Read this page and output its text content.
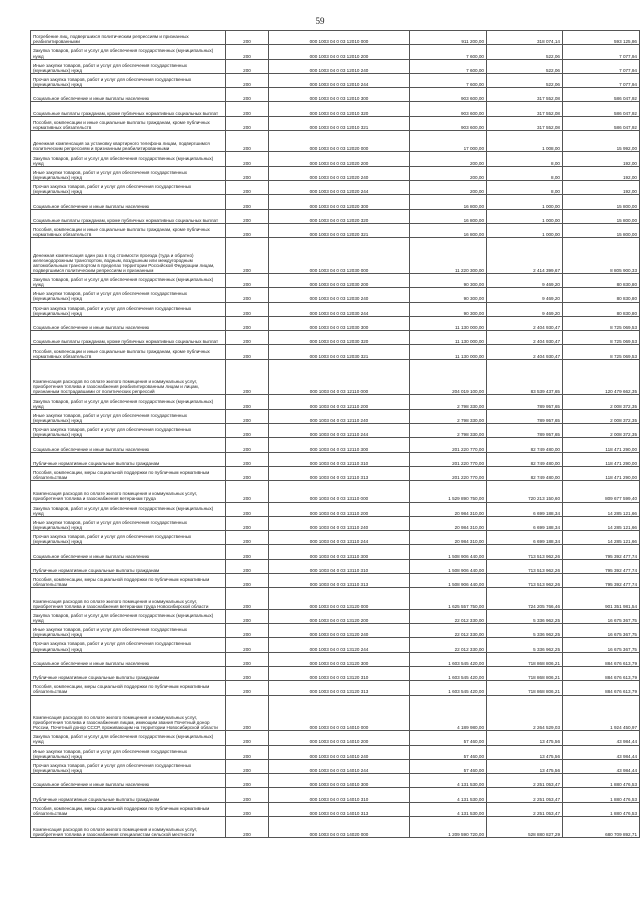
59
Погребение лиц, подвергшихся политическим репрессиям и признанных реабилитированными	200	000 1003 04 0 03 12010 000	911 200,00	318 074,14	593 125,86
Закупка товаров, работ и услуг для обеспечения государственных (муниципальных) нужд	200	000 1003 04 0 03 12010 200	7 600,00	522,06	7 077,94
Иные закупки товаров, работ и услуг для обеспечения государственных (муниципальных) нужд	200	000 1003 04 0 03 12010 240	7 600,00	522,06	7 077,94
Прочая закупка товаров, работ и услуг для обеспечения государственных (муниципальных) нужд	200	000 1003 04 0 03 12010 244	7 600,00	522,06	7 077,94
Социальное обеспечение и иные выплаты населению	200	000 1003 04 0 03 12010 300	903 600,00	317 552,08	586 047,92
Социальные выплаты гражданам, кроме публичных нормативных социальных выплат	200	000 1003 04 0 03 12010 320	903 600,00	317 552,08	586 047,92
Пособия, компенсации и иные социальные выплаты гражданам, кроме публичных нормативных обязательств	200	000 1003 04 0 03 12010 321	903 600,00	317 552,08	586 047,92
Денежная компенсация за установку квартирного телефона лицам, подвергшимся политическим репрессиям и признанным реабилитированными	200	000 1003 04 0 03 12020 000	17 000,00	1 008,00	15 992,00
Закупка товаров, работ и услуг для обеспечения государственных (муниципальных) нужд	200	000 1003 04 0 03 12020 200	200,00	8,00	192,00
Иные закупки товаров, работ и услуг для обеспечения государственных (муниципальных) нужд	200	000 1003 04 0 03 12020 240	200,00	8,00	192,00
Прочая закупка товаров, работ и услуг для обеспечения государственных (муниципальных) нужд	200	000 1003 04 0 03 12020 244	200,00	8,00	192,00
Социальное обеспечение и иные выплаты населению	200	000 1003 04 0 03 12020 300	16 800,00	1 000,00	15 800,00
Социальные выплаты гражданам, кроме публичных нормативных социальных выплат	200	000 1003 04 0 03 12020 320	16 800,00	1 000,00	15 800,00
Пособия, компенсации и иные социальные выплаты гражданам, кроме публичных нормативных обязательств	200	000 1003 04 0 03 12020 321	16 800,00	1 000,00	15 800,00
Денежная компенсация один раз в год стоимости проезда (туда и обратно) железнодорожным транспортом, водным, воздушным или междугородным автомобильным транспортом в пределах территории Российской Федерации лицам, подвергшимся политическим репрессиям и признанным	200	000 1003 04 0 03 12030 000	11 220 300,00	2 414 399,67	8 805 900,33
Закупка товаров, работ и услуг для обеспечения государственных (муниципальных) нужд	200	000 1003 04 0 03 12030 200	90 300,00	9 469,20	80 830,80
Иные закупки товаров, работ и услуг для обеспечения государственных (муниципальных) нужд	200	000 1003 04 0 03 12030 240	90 300,00	9 469,20	80 830,80
Прочая закупка товаров, работ и услуг для обеспечения государственных (муниципальных) нужд	200	000 1003 04 0 03 12030 244	90 300,00	9 469,20	80 830,80
Социальное обеспечение и иные выплаты населению	200	000 1003 04 0 03 12030 300	11 130 000,00	2 404 930,47	8 725 069,53
Социальные выплаты гражданам, кроме публичных нормативных социальных выплат	200	000 1003 04 0 03 12030 320	11 130 000,00	2 404 930,47	8 725 069,53
Пособия, компенсации и иные социальные выплаты гражданам, кроме публичных нормативных обязательств	200	000 1003 04 0 03 12030 321	11 130 000,00	2 404 930,47	8 725 069,53
Компенсация расходов по оплате жилого помещения и коммунальных услуг, приобретения топлива и газоснабжения реабилитированным лицам и лицам, признанным пострадавшими от политических репрессий	200	000 1003 04 0 03 12110 000	204 019 100,00	83 539 437,65	120 479 662,35
Закупка товаров, работ и услуг для обеспечения государственных (муниципальных) нужд	200	000 1003 04 0 03 12110 200	2 798 330,00	789 957,65	2 008 372,35
Иные закупки товаров, работ и услуг для обеспечения государственных (муниципальных) нужд	200	000 1003 04 0 03 12110 240	2 798 330,00	789 957,65	2 008 372,35
Прочая закупка товаров, работ и услуг для обеспечения государственных (муниципальных) нужд	200	000 1003 04 0 03 12110 244	2 798 330,00	789 957,65	2 008 372,35
Социальное обеспечение и иные выплаты населению	200	000 1003 04 0 03 12110 300	201 220 770,00	82 749 480,00	118 471 290,00
Публичные нормативные социальные выплаты гражданам	200	000 1003 04 0 03 12110 310	201 220 770,00	82 749 480,00	118 471 290,00
Пособия, компенсации, меры социальной поддержки по публичным нормативным обязательствам	200	000 1003 04 0 03 12110 313	201 220 770,00	82 749 480,00	118 471 290,00
Компенсация расходов по оплате жилого помещения и коммунальных услуг, приобретения топлива и газоснабжения ветеранам труда	200	000 1003 04 0 03 13110 000	1 529 890 750,00	720 213 150,60	809 677 599,40
Закупка товаров, работ и услуг для обеспечения государственных (муниципальных) нужд	200	000 1003 04 0 03 13110 200	20 984 310,00	6 699 188,34	14 285 121,66
Иные закупки товаров, работ и услуг для обеспечения государственных (муниципальных) нужд	200	000 1003 04 0 03 13110 240	20 984 310,00	6 699 188,34	14 285 121,66
Прочая закупка товаров, работ и услуг для обеспечения государственных (муниципальных) нужд	200	000 1003 04 0 03 13110 244	20 984 310,00	6 699 188,34	14 285 121,66
Социальное обеспечение и иные выплаты населению	200	000 1003 04 0 03 13110 300	1 508 906 440,00	713 513 962,26	795 392 477,74
Публичные нормативные социальные выплаты гражданам	200	000 1003 04 0 03 13110 310	1 508 906 440,00	713 513 962,26	795 392 477,74
Пособия, компенсации, меры социальной поддержки по публичным нормативным обязательствам	200	000 1003 04 0 03 13110 313	1 508 906 440,00	713 513 962,26	795 392 477,74
Компенсация расходов по оплате жилого помещения и коммунальных услуг, приобретения топлива и газоснабжения ветеранам труда Новосибирской области	200	000 1003 04 0 03 13120 000	1 625 557 750,00	724 205 766,46	901 351 981,54
Закупка товаров, работ и услуг для обеспечения государственных (муниципальных) нужд	200	000 1003 04 0 03 13120 200	22 012 330,00	5 336 962,25	16 675 367,75
Иные закупки товаров, работ и услуг для обеспечения государственных (муниципальных) нужд	200	000 1003 04 0 03 13120 240	22 012 330,00	5 336 962,25	16 675 367,75
Прочая закупка товаров, работ и услуг для обеспечения государственных (муниципальных) нужд	200	000 1003 04 0 03 13120 244	22 012 330,00	5 336 962,25	16 675 367,75
Социальное обеспечение и иные выплаты населению	200	000 1003 04 0 03 13120 300	1 603 545 420,00	718 868 806,21	884 676 613,79
Публичные нормативные социальные выплаты гражданам	200	000 1003 04 0 03 13120 310	1 603 545 420,00	718 868 806,21	884 676 613,79
Пособия, компенсации, меры социальной поддержки по публичным нормативным обязательствам	200	000 1003 04 0 03 13120 313	1 603 545 420,00	718 868 806,21	884 676 613,79
Компенсация расходов по оплате жилого помещения и коммунальных услуг, приобретения топлива и газоснабжения лицам, имеющим звания Почетный донор России, Почетный донор СССР, проживающим на территории Новосибирской области	200	000 1003 04 0 03 14010 000	4 189 980,00	2 264 529,03	1 924 450,97
Закупка товаров, работ и услуг для обеспечения государственных (муниципальных) нужд	200	000 1003 04 0 03 14010 200	57 460,00	13 475,56	43 984,44
Иные закупки товаров, работ и услуг для обеспечения государственных (муниципальных) нужд	200	000 1003 04 0 03 14010 240	57 460,00	13 475,56	43 984,44
Прочая закупка товаров, работ и услуг для обеспечения государственных (муниципальных) нужд	200	000 1003 04 0 03 14010 244	57 460,00	13 475,56	43 984,44
Социальное обеспечение и иные выплаты населению	200	000 1003 04 0 03 14010 300	4 131 530,00	2 251 053,47	1 880 476,53
Публичные нормативные социальные выплаты гражданам	200	000 1003 04 0 03 14010 310	4 131 530,00	2 251 053,47	1 880 476,53
Пособия, компенсации, меры социальной поддержки по публичным нормативным обязательствам	200	000 1003 04 0 03 14010 313	4 131 530,00	2 251 053,47	1 880 476,53
Компенсация расходов по оплате жилого помещения и коммунальных услуг, приобретения топлива и газоснабжения специалистам сельской местности	200	000 1003 04 0 03 14020 000	1 209 590 720,00	528 880 827,29	680 709 892,71
